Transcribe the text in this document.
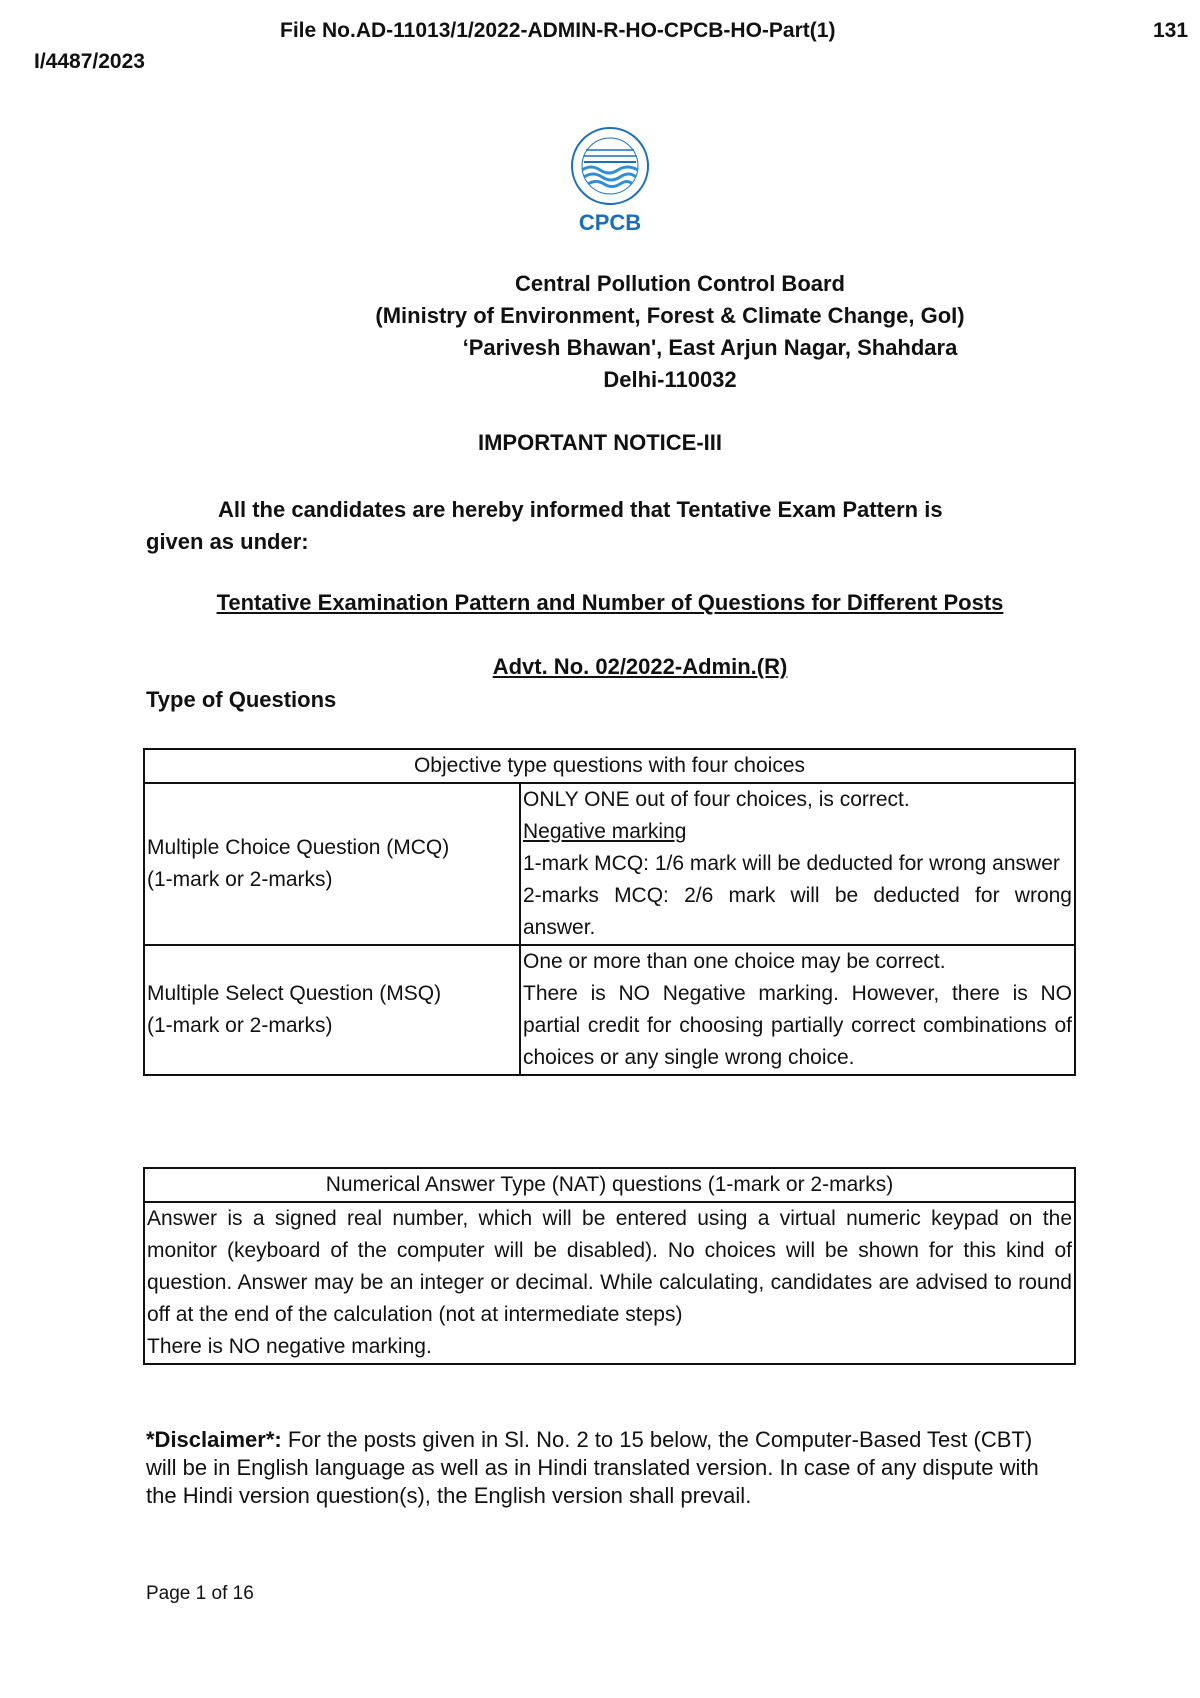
File No.AD-11013/1/2022-ADMIN-R-HO-CPCB-HO-Part(1)	131
I/4487/2023
CPCB
Central Pollution Control Board
(Ministry of Environment, Forest & Climate Change, GoI)
‘Parivesh Bhawan', East Arjun Nagar, Shahdara
Delhi-110032
IMPORTANT NOTICE-III
All the candidates are hereby informed that Tentative Exam Pattern is
given as under:
Tentative Examination Pattern and Number of Questions for Different Posts
Advt. No. 02/2022-Admin.(R)
Type of Questions
Objective type questions with four choices	
Multiple Choice Question (MCQ)
(1-mark or 2-marks)	ONLY ONE out of four choices, is correct.
Negative marking
1-mark MCQ: 1/6 mark will be deducted for wrong answer
2-marks MCQ: 2/6 mark will be deducted for wrong answer.
Multiple Select Question (MSQ)
(1-mark or 2-marks)	One or more than one choice may be correct.
There is NO Negative marking. However, there is NO partial credit for choosing partially correct combinations of choices or any single wrong choice.
Numerical Answer Type (NAT) questions (1-mark or 2-marks)
Answer is a signed real number, which will be entered using a virtual numeric keypad on the monitor (keyboard of the computer will be disabled). No choices will be shown for this kind of question. Answer may be an integer or decimal. While calculating, candidates are advised to round off at the end of the calculation (not at intermediate steps)
There is NO negative marking.
*Disclaimer*: For the posts given in Sl. No. 2 to 15 below, the Computer-Based Test (CBT) will be in English language as well as in Hindi translated version. In case of any dispute with the Hindi version question(s), the English version shall prevail.
Page 1 of 16
